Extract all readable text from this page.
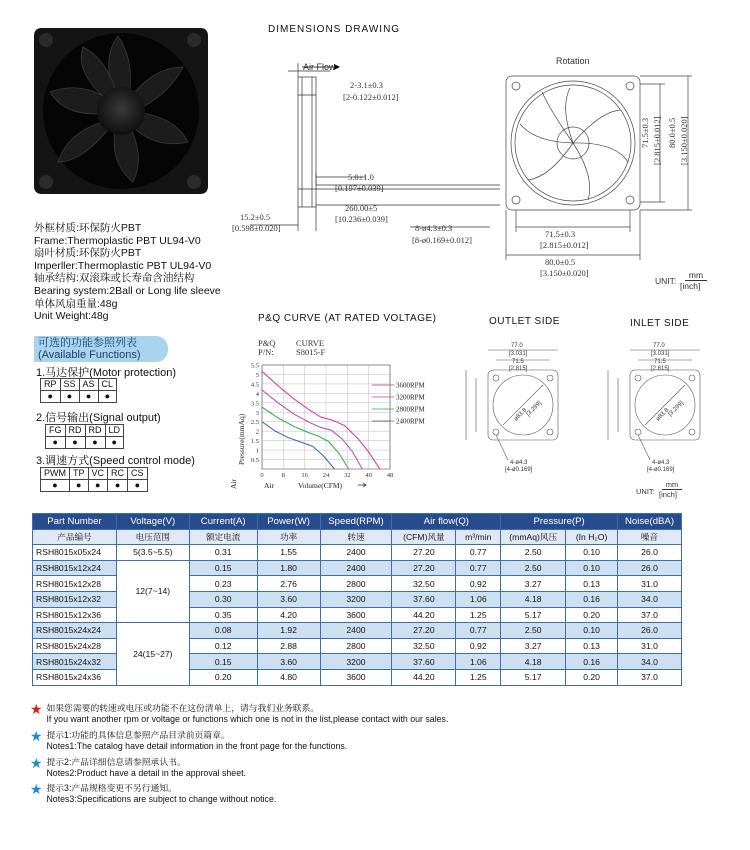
DIMENSIONS DRAWING
Air Flow
2-3.1±0.3
[2-0.122±0.012]
5.0±1.0
[0.197±0.039]
260.00±5
[10.236±0.039]
15.2±0.5
[0.598±0.020]	8-ø4.3±0.3
[8-ø0.169±0.012]
Rotation
71.5±0.3
[2.815±0.012]
80.0±0.5
[3.150±0.020]
71.5±0.3 [2.815±0.012] 80.0±0.5 [3.150±0.020]
UNIT:
mm
[inch]
外框材质:环保防火PBT
Frame:Thermoplastic PBT UL94-V0
扇叶材质:环保防火PBT
Imperller:Thermoplastic PBT UL94-V0
轴承结构:双滚珠或长寿命含油结构
Bearing system:2Ball or Long life sleeve
单体风扇重量:48g
Unit Weight:48g
可选的功能参照列表
(Available Functions)
1.马达保护(Motor protection)
RP	SS	AS	CL
●	●	●	●
2.信号输出(Signal output)
FG	RD	RD	LD
●	●	●	●
3.调速方式(Speed control mode)
PWM	TP	VC	RC	CS
●	●	●	●	●
P&Q CURVE (AT RATED VOLTAGE)
P&Q CURVE
P/N:	S8015-F
0.5
1
1.5
2
2.5
3
3.5
4
4.5
5
5.5
0	8	16 24 32 40 48
3600RPM
3200RPM
2800RPM
2400RPM
Pressure(mmAq)
Air	Air	Volume(CFM)
OUTLET SIDE	INLET SIDE
77.0
[3.031]
71.5
[2.815]
ø83.8
[3.299]
4-ø4.3
[4-ø0.169]
77.0
[3.031]
71.5
[2.815]
ø83.8
[3.299]
4-ø4.3
[4-ø0.169]
UNIT:
mm
[inch]
Part Number	Voltage(V)	Current(A)	Power(W)	Speed(RPM)	Air flow(Q)		Pressure(P)		Noise(dBA)
产品编号	电压范围	额定电流	功率	转速	(CFM)风量	m³/min	(mmAq)风压	(In H₂O)	噪音
RSH8015x05x24	5(3.5~5.5)	0.31	1.55	2400	27.20	0.77	2.50	0.10	26.0
RSH8015x12x24	12(7~14)	0.15	1.80	2400	27.20	0.77	2.50	0.10	26.0
RSH8015x12x28		0.23	2.76	2800	32.50	0.92	3.27	0.13	31.0
RSH8015x12x32		0.30	3.60	3200	37.60	1.06	4.18	0.16	34.0
RSH8015x12x36		0.35	4.20	3600	44.20	1.25	5.17	0.20	37.0
RSH8015x24x24	24(15~27)	0.08	1.92	2400	27.20	0.77	2.50	0.10	26.0
RSH8015x24x28		0.12	2.88	2800	32.50	0.92	3.27	0.13	31.0
RSH8015x24x32		0.15	3.60	3200	37.60	1.06	4.18	0.16	34.0
RSH8015x24x36		0.20	4.80	3600	44.20	1.25	5.17	0.20	37.0
★ 如果您需要的转速或电压或功能不在这份清单上，请与我们业务联系。
If you want another rpm or voltage or functions which one is not in the list,please contact with our sales.
★ 提示1:功能的具体信息参照产品目录前页篇章。
Notes1:The catalog have detail information in the front page for the functions.
★ 提示2:产品详细信息请参照承认书。
Notes2:Product have a detail in the approval sheet.
★ 提示3:产品规格变更不另行通知。
Notes3:Specifications are subject to change without notice.
